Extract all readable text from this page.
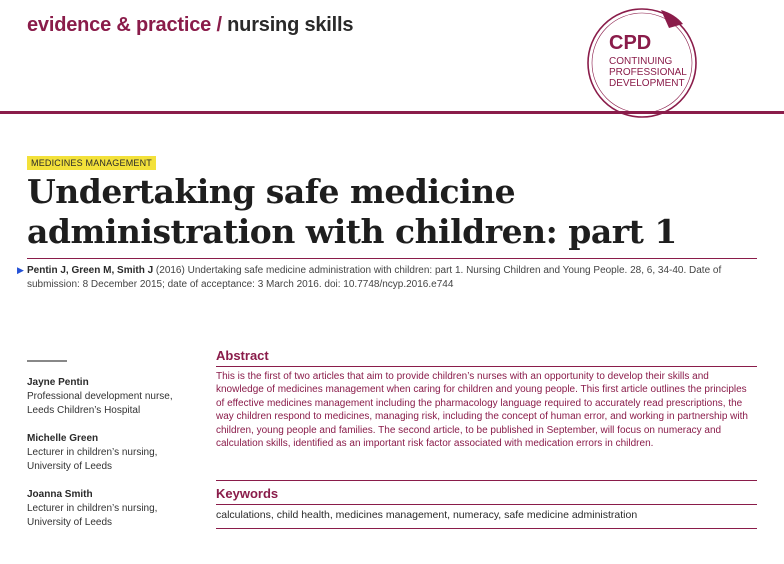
evidence & practice / nursing skills
CPD
CONTINUING
PROFESSIONAL
DEVELOPMENT
MEDICINES MANAGEMENT
Undertaking safe medicine administration with children: part 1
▶ Pentin J, Green M, Smith J (2016) Undertaking safe medicine administration with children: part 1. Nursing Children and Young People. 28, 6, 34-40. Date of submission: 8 December 2015; date of acceptance: 3 March 2016. doi: 10.7748/ncyp.2016.e744
Jayne Pentin
Professional development nurse, Leeds Children’s Hospital
Michelle Green
Lecturer in children’s nursing, University of Leeds
Joanna Smith
Lecturer in children’s nursing, University of Leeds
Abstract
This is the first of two articles that aim to provide children’s nurses with an opportunity to develop their skills and knowledge of medicines management when caring for children and young people. This first article outlines the principles of effective medicines management including the pharmacology language required to accurately read prescriptions, the way children respond to medicines, managing risk, including the concept of human error, and working in partnership with children, young people and families. The second article, to be published in September, will focus on numeracy and calculation skills, identified as an important risk factor associated with medication errors in children.
Keywords
calculations, child health, medicines management, numeracy, safe medicine administration
